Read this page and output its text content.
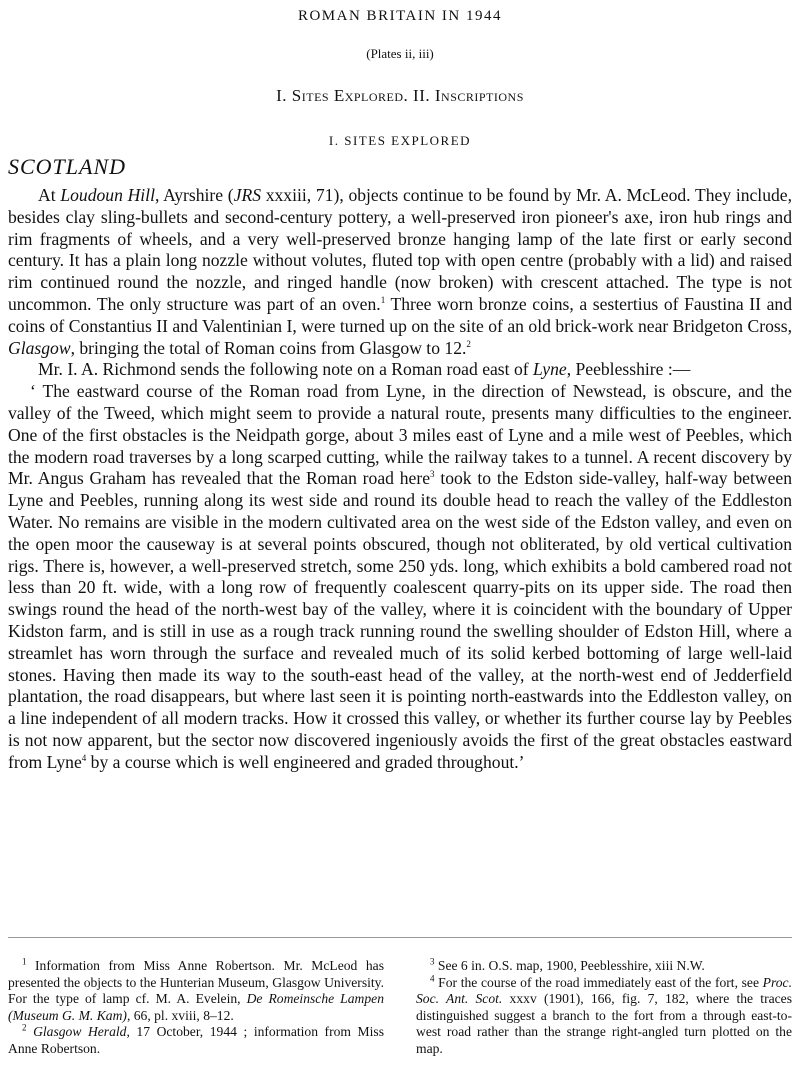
ROMAN BRITAIN IN 1944
(Plates ii, iii)
I. Sites Explored. II. Inscriptions
I. SITES EXPLORED
SCOTLAND

At Loudoun Hill, Ayrshire (JRS xxxiii, 71), objects continue to be found by Mr. A. McLeod. They include, besides clay sling-bullets and second-century pottery, a well-preserved iron pioneer's axe, iron hub rings and rim fragments of wheels, and a very well-preserved bronze hanging lamp of the late first or early second century. It has a plain long nozzle without volutes, fluted top with open centre (probably with a lid) and raised rim continued round the nozzle, and ringed handle (now broken) with crescent attached. The type is not uncommon. The only structure was part of an oven.$^1$ Three worn bronze coins, a sestertius of Faustina II and coins of Constantius II and Valentinian I, were turned up on the site of an old brick-work near Bridgeton Cross, Glasgow, bringing the total of Roman coins from Glasgow to 12.$^2$

Mr. I. A. Richmond sends the following note on a Roman road east of Lyne, Peeblesshire :—

‘ The eastward course of the Roman road from Lyne, in the direction of Newstead, is obscure, and the valley of the Tweed, which might seem to provide a natural route, presents many difficulties to the engineer. One of the first obstacles is the Neidpath gorge, about 3 miles east of Lyne and a mile west of Peebles, which the modern road traverses by a long scarped cutting, while the railway takes to a tunnel. A recent discovery by Mr. Angus Graham has revealed that the Roman road here$^3$ took to the Edston side-valley, half-way between Lyne and Peebles, running along its west side and round its double head to reach the valley of the Eddleston Water. No remains are visible in the modern cultivated area on the west side of the Edston valley, and even on the open moor the causeway is at several points obscured, though not obliterated, by old vertical cultivation rigs. There is, however, a well-preserved stretch, some 250 yds. long, which exhibits a bold cambered road not less than 20 ft. wide, with a long row of frequently coalescent quarry-pits on its upper side. The road then swings round the head of the north-west bay of the valley, where it is coincident with the boundary of Upper Kidston farm, and is still in use as a rough track running round the swelling shoulder of Edston Hill, where a streamlet has worn through the surface and revealed much of its solid kerbed bottoming of large well-laid stones. Having then made its way to the south-east head of the valley, at the north-west end of Jedderfield plantation, the road disappears, but where last seen it is pointing north-eastwards into the Eddleston valley, on a line independent of all modern tracks. How it crossed this valley, or whether its further course lay by Peebles is not now apparent, but the sector now discovered ingeniously avoids the first of the great obstacles eastward from Lyne$^4$ by a course which is well engineered and graded throughout.’

$^1$ Information from Miss Anne Robertson. Mr. McLeod has presented the objects to the Hunterian Museum, Glasgow University. For the type of lamp cf. M. A. Evelein, De Romeinsche Lampen (Museum G. M. Kam), 66, pl. xviii, 8–12.

$^2$ Glasgow Herald, 17 October, 1944 ; information from Miss Anne Robertson.

$^3$ See 6 in. O.S. map, 1900, Peeblesshire, xiii N.W.

$^4$ For the course of the road immediately east of the fort, see Proc. Soc. Ant. Scot. xxxv (1901), 166, fig. 7, 182, where the traces distinguished suggest a branch to the fort from a through east-to-west road rather than the strange right-angled turn plotted on the map.
